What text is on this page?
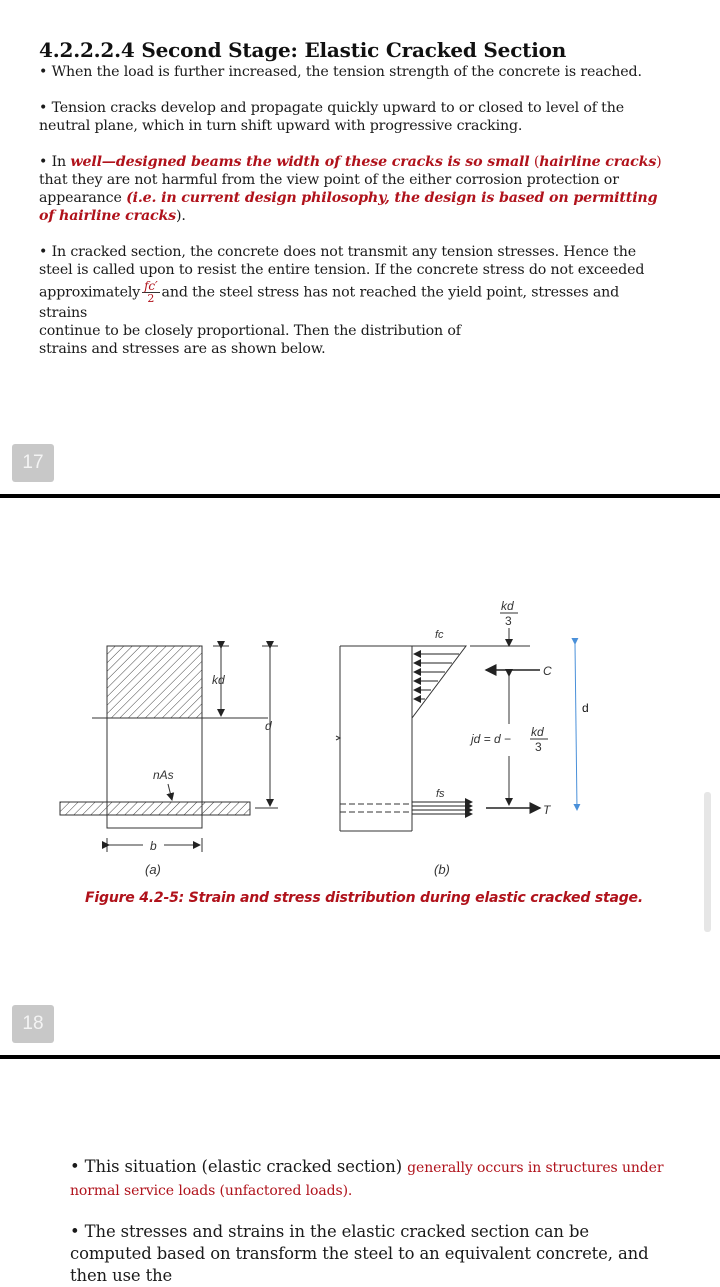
4.2.2.2.4 Second Stage: Elastic Cracked Section

• When the load is further increased, the tension strength of the concrete is reached.

• Tension cracks develop and propagate quickly upward to or closed to level of the neutral plane, which in turn shift upward with progressive cracking.

• In well—designed beams the width of these cracks is so small (hairline cracks)
that they are not harmful from the view point of the either corrosion protection or appearance (i.e. in current design philosophy, the design is based on permitting of hairline cracks).

• In cracked section, the concrete does not transmit any tension stresses. Hence the steel is called upon to resist the entire tension. If the concrete stress do not exceeded
approximately $\frac{fc'}{2}$ and the steel stress has not reached the yield point, stresses and strains
continue to be closely proportional. Then the distribution of
strains and stresses are as shown below.
17
kd
d
nAs
b
(a)
fc
fs
kd
3
C
jd = d − kd
3
T
d
(b)
Figure 4.2-5: Strain and stress distribution during elastic cracked stage.
18
• This situation (elastic cracked section) generally occurs in structures under normal service loads (unfactored loads).
• The stresses and strains in the elastic cracked section can be computed based on transform the steel to an equivalent concrete, and then use the
